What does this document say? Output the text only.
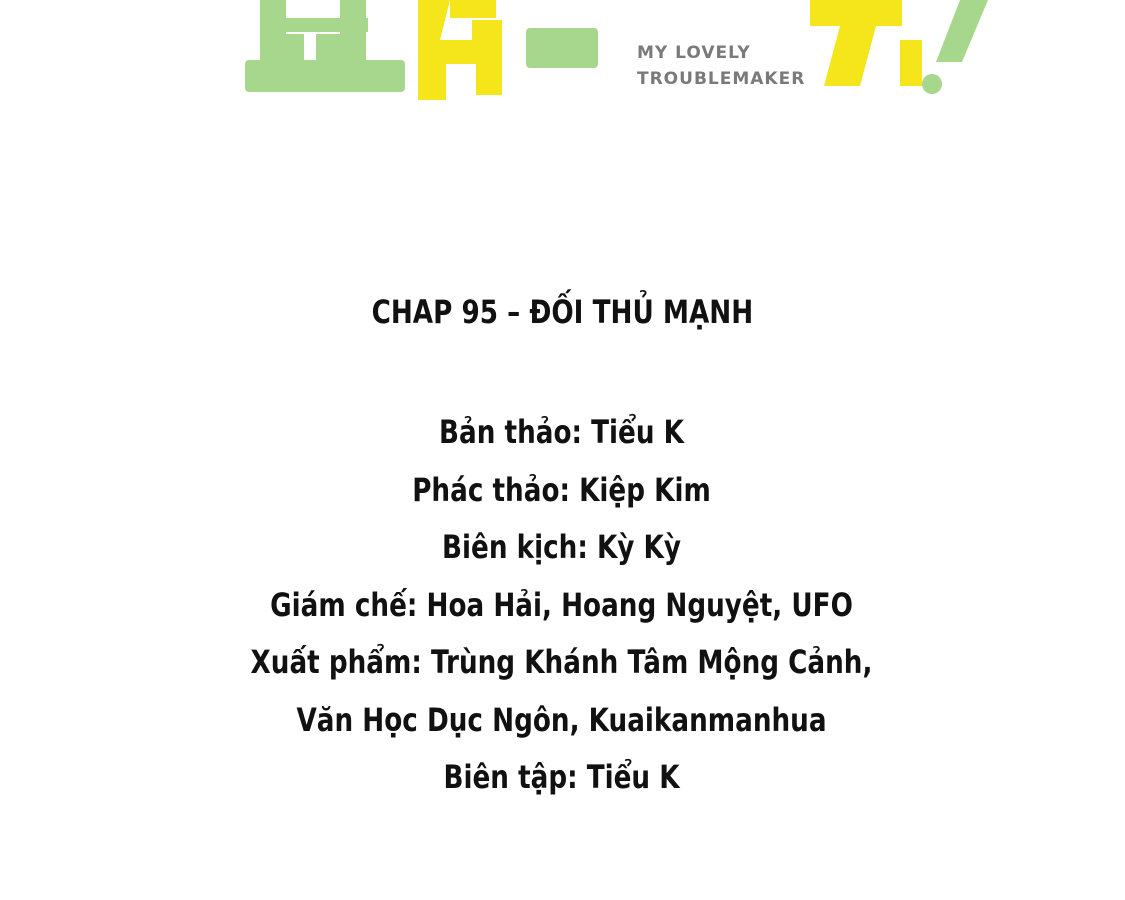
MY LOVELY
TROUBLEMAKER
CHAP 95 – ĐỐI THỦ MẠNH
Bản thảo: Tiểu K
Phác thảo: Kiệp Kim
Biên kịch: Kỳ Kỳ
Giám chế: Hoa Hải, Hoang Nguyệt, UFO
Xuất phẩm: Trùng Khánh Tâm Mộng Cảnh,
Văn Học Dục Ngôn, Kuaikanmanhua
Biên tập: Tiểu K
